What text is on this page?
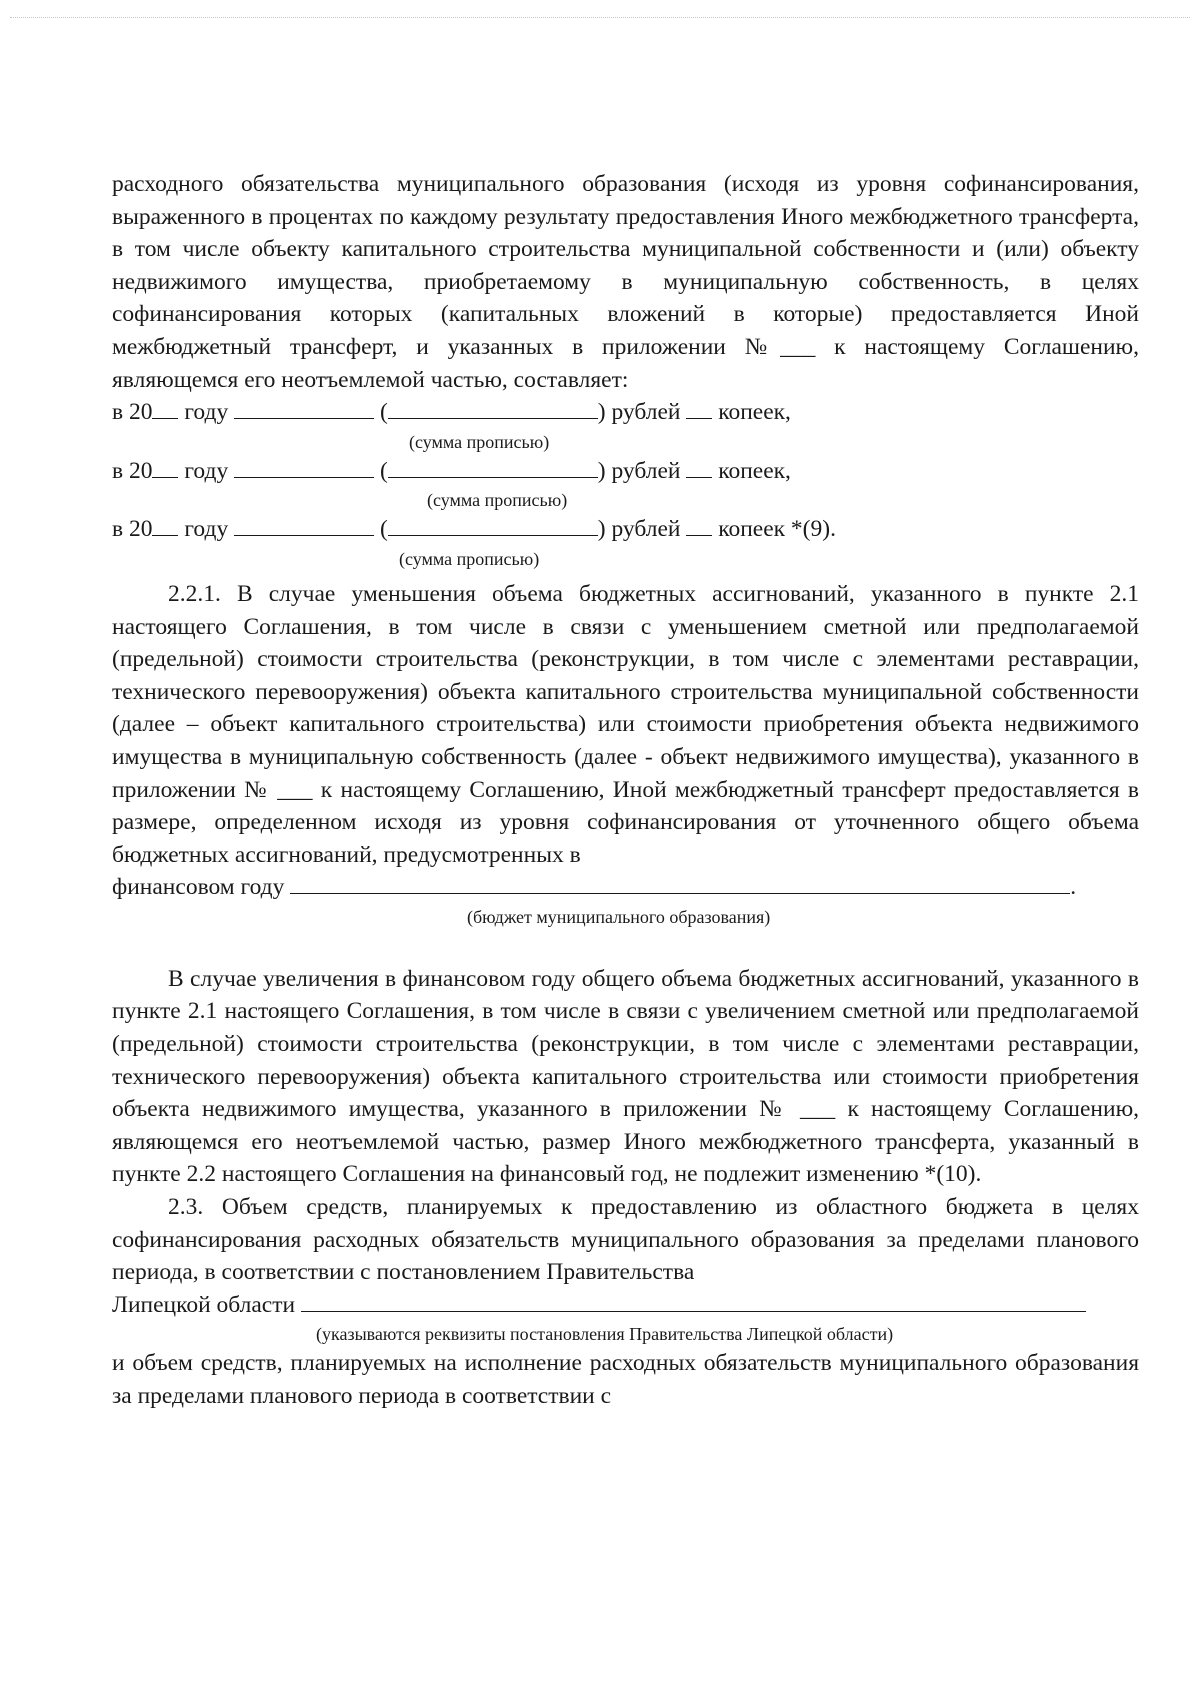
расходного обязательства муниципального образования (исходя из уровня софинансирования, выраженного в процентах по каждому результату предоставления Иного межбюджетного трансферта, в том числе объекту капитального строительства муниципальной собственности и (или) объекту недвижимого имущества, приобретаемому в муниципальную собственность, в целях софинансирования которых (капитальных вложений в которые) предоставляется Иной межбюджетный трансферт, и указанных в приложении №___ к настоящему Соглашению, являющемся его неотъемлемой частью, составляет:

в 20 году	(	) рублей копеек,
(сумма прописью)
в 20 году	(	) рублей копеек,
(сумма прописью)
в 20 году	(	) рублей копеек *(9).
(сумма прописью)

2.2.1. В случае уменьшения объема бюджетных ассигнований, указанного в пункте 2.1 настоящего Соглашения, в том числе в связи с уменьшением сметной или предполагаемой (предельной) стоимости строительства (реконструкции, в том числе с элементами реставрации, технического перевооружения) объекта капитального строительства муниципальной собственности (далее – объект капитального строительства) или стоимости приобретения объекта недвижимого имущества в муниципальную собственность (далее - объект недвижимого имущества), указанного в приложении № ___ к настоящему Соглашению, Иной межбюджетный трансферт предоставляется в размере, определенном исходя из уровня софинансирования от уточненного общего объема бюджетных ассигнований, предусмотренных в

финансовом году	.
(бюджет муниципального образования)

В случае увеличения в финансовом году общего объема бюджетных ассигнований, указанного в пункте 2.1 настоящего Соглашения, в том числе в связи с увеличением сметной или предполагаемой (предельной) стоимости строительства (реконструкции, в том числе с элементами реставрации, технического перевооружения) объекта капитального строительства или стоимости приобретения объекта недвижимого имущества, указанного в приложении № ___ к настоящему Соглашению, являющемся его неотъемлемой частью, размер Иного межбюджетного трансферта, указанный в пункте 2.2 настоящего Соглашения на финансовый год, не подлежит изменению *(10).

2.3. Объем средств, планируемых к предоставлению из областного бюджета в целях софинансирования расходных обязательств муниципального образования за пределами планового периода, в соответствии с постановлением Правительства

Липецкой области
(указываются реквизиты постановления Правительства Липецкой области)

и объем средств, планируемых на исполнение расходных обязательств муниципального образования за пределами планового периода в соответствии с
